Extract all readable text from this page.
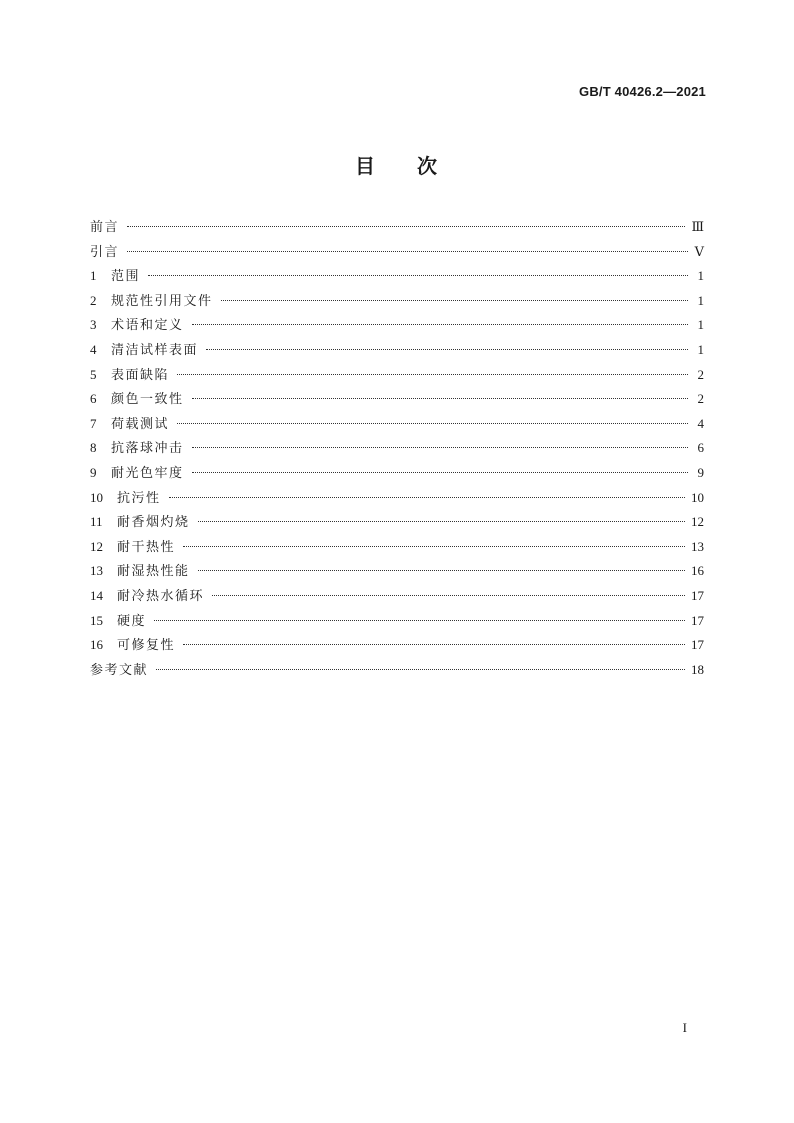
GB/T 40426.2—2021
目 次
前言	Ⅲ
引言	Ⅴ
1	范围	1
2	规范性引用文件	1
3	术语和定义	1
4	清洁试样表面	1
5	表面缺陷	2
6	颜色一致性	2
7	荷载测试	4
8	抗落球冲击	6
9	耐光色牢度	9
10	抗污性	10
11	耐香烟灼烧	12
12	耐干热性	13
13	耐湿热性能	16
14	耐冷热水循环	17
15	硬度	17
16	可修复性	17
参考文献	18
I
